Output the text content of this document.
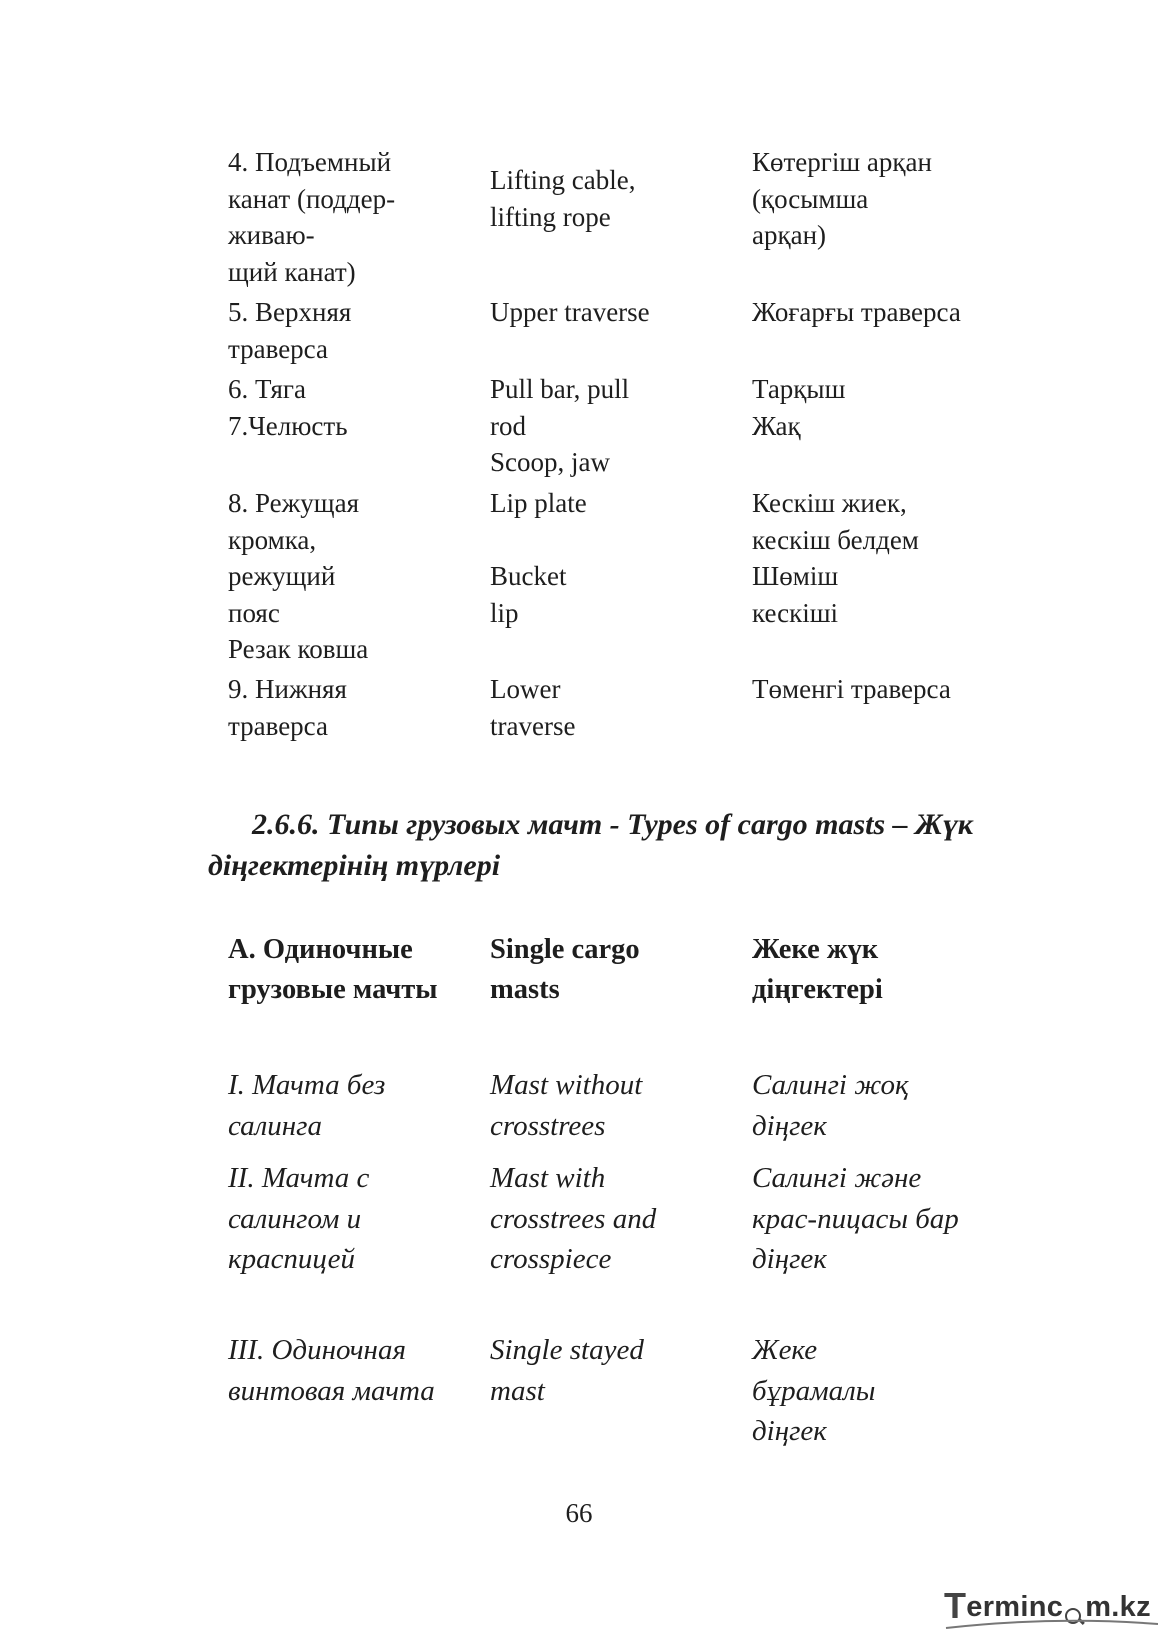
4. Подъемный
канат (поддер-
живаю-
щий канат)
Lifting cable,
lifting rope
Көтергіш арқан
(қосымша
арқан)
5. Верхняя
траверса
Upper traverse	Жоғарғы траверса
6. Тяга
7.Челюсть
Pull bar, pull
rod
Scoop, jaw
Тарқыш
Жақ
8. Режущая
кромка,
режущий
пояс
Резак ковша
Lip plate

Bucket
lip
Кескіш жиек,
кескіш белдем
Шөміш
кескіші
9. Нижняя
траверса
Lower
traverse
Төменгі траверса
2.6.6. Типы грузовых мачт - Types of cargo masts – Жүк діңгектерінің түрлері
А. Одиночные
грузовые мачты
Single cargo
masts
Жеке жүк
діңгектері
I. Мачта без
салинга
Mast without
crosstrees
Салингі жоқ
діңгек
II. Мачта с
салингом и
краспицей
Mast with
crosstrees and
crosspiece
Салингі және
крас-пицасы бар
діңгек
III. Одиночная
винтовая мачта
Single stayed
mast
Жеке
бұрамалы
діңгек
66
T erminc m.kz
